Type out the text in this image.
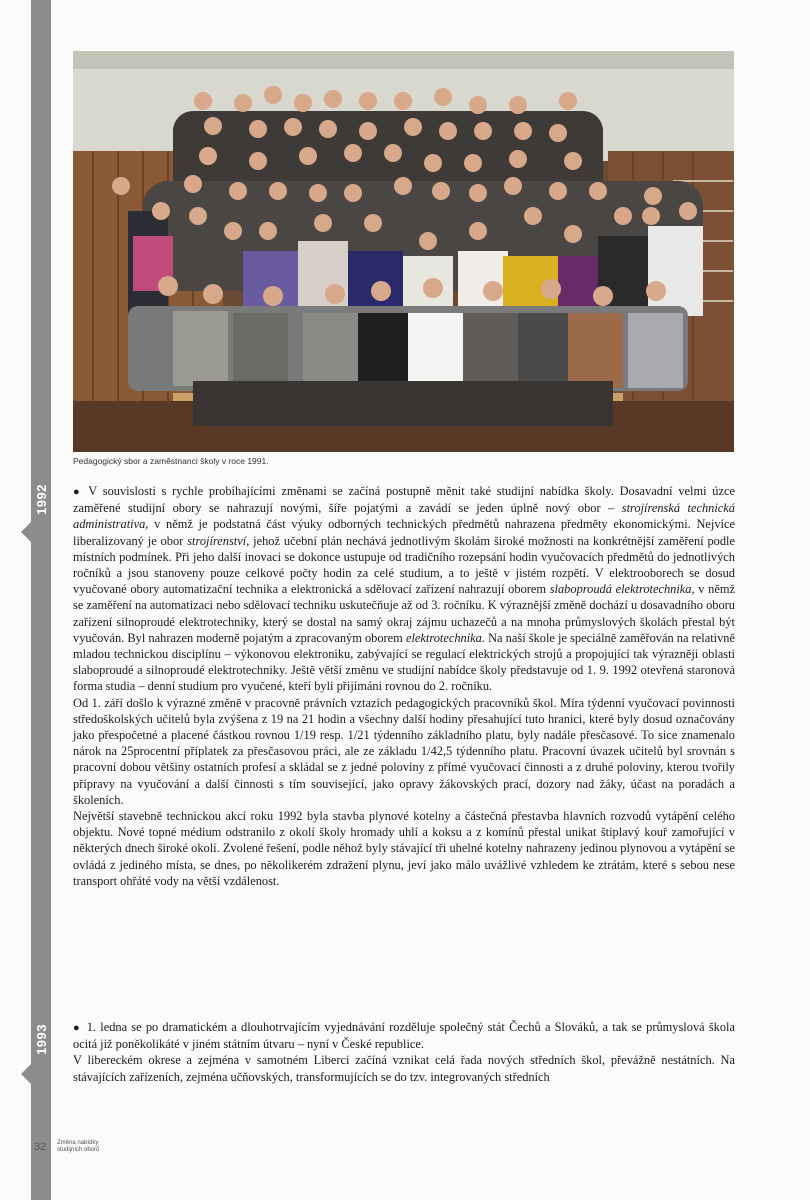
1992
1993
Pedagogický sbor a zaměstnanci školy v roce 1991.

● V souvislosti s rychle probíhajícími změnami se začíná postupně měnit také studijní nabídka školy. Dosavadní velmi úzce zaměřené studijní obory se nahrazují novými, šíře pojatými a zavádí se jeden úplně nový obor – strojírenská technická administrativa, v němž je podstatná část výuky odborných technických předmětů nahrazena předměty ekonomickými. Nejvíce liberalizovaný je obor strojírenství, jehož učební plán nechává jednotlivým školám široké možnosti na konkrétnější zaměření podle místních podmínek. Při jeho další inovaci se dokonce ustupuje od tradičního rozepsání hodin vyučovacích předmětů do jednotlivých ročníků a jsou stanoveny pouze celkové počty hodin za celé studium, a to ještě v jistém rozpětí. V elektrooborech se dosud vyučované obory automatizační technika a elektronická a sdělovací zařízení nahrazují oborem slaboproudá elektrotechnika, v němž se zaměření na automatizaci nebo sdělovací techniku uskutečňuje až od 3. ročníku. K výraznější změně dochází u dosavadního oboru zařízení silnoproudé elektrotechniky, který se dostal na samý okraj zájmu uchazečů a na mnoha průmyslových školách přestal být vyučován. Byl nahrazen moderně pojatým a zpracovaným oborem elektrotechnika. Na naší škole je speciálně zaměřován na relativně mladou technickou disciplínu – výkonovou elektroniku, zabývající se regulací elektrických strojů a propojující tak výrazněji oblasti slaboproudé a silnoproudé elektrotechniky. Ještě větší změnu ve studijní nabídce školy představuje od 1. 9. 1992 otevřená staronová forma studia – denní studium pro vyučené, kteří byli přijímáni rovnou do 2. ročníku.

Od 1. září došlo k výrazné změně v pracovně právních vztazích pedagogických pracovníků škol. Míra týdenní vyučovací povinnosti středoškolských učitelů byla zvýšena z 19 na 21 hodin a všechny další hodiny přesahující tuto hranici, které byly dosud označovány jako přespočetné a placené částkou rovnou 1/19 resp. 1/21 týdenního základního platu, byly nadále přesčasové. To sice znamenalo nárok na 25procentní příplatek za přesčasovou práci, ale ze základu 1/42,5 týdenního platu. Pracovní úvazek učitelů byl srovnán s pracovní dobou většiny ostatních profesí a skládal se z jedné poloviny z přímé vyučovací činnosti a z druhé poloviny, kterou tvořily přípravy na vyučování a další činnosti s tím související, jako opravy žákovských prací, dozory nad žáky, účast na poradách a školeních.

Největší stavebně technickou akcí roku 1992 byla stavba plynové kotelny a částečná přestavba hlavních rozvodů vytápění celého objektu. Nové topné médium odstranilo z okolí školy hromady uhlí a koksu a z komínů přestal unikat štiplavý kouř zamořující v některých dnech široké okolí. Zvolené řešení, podle něhož byly stávající tři uhelné kotelny nahrazeny jedinou plynovou a vytápění se ovládá z jediného místa, se dnes, po několikerém zdražení plynu, jeví jako málo uvážlivé vzhledem ke ztrátám, které s sebou nese transport ohřáté vody na větší vzdálenost.

● 1. ledna se po dramatickém a dlouhotrvajícím vyjednávání rozděluje společný stát Čechů a Slováků, a tak se průmyslová škola ocitá již poněkolikáté v jiném státním útvaru – nyní v České republice.

V libereckém okrese a zejména v samotném Liberci začíná vznikat celá řada nových středních škol, převážně nestátních. Na stávajících zařízeních, zejména učňovských, transformujících se do tzv. integrovaných středních

32 Změna nabídky
studijních oborů
